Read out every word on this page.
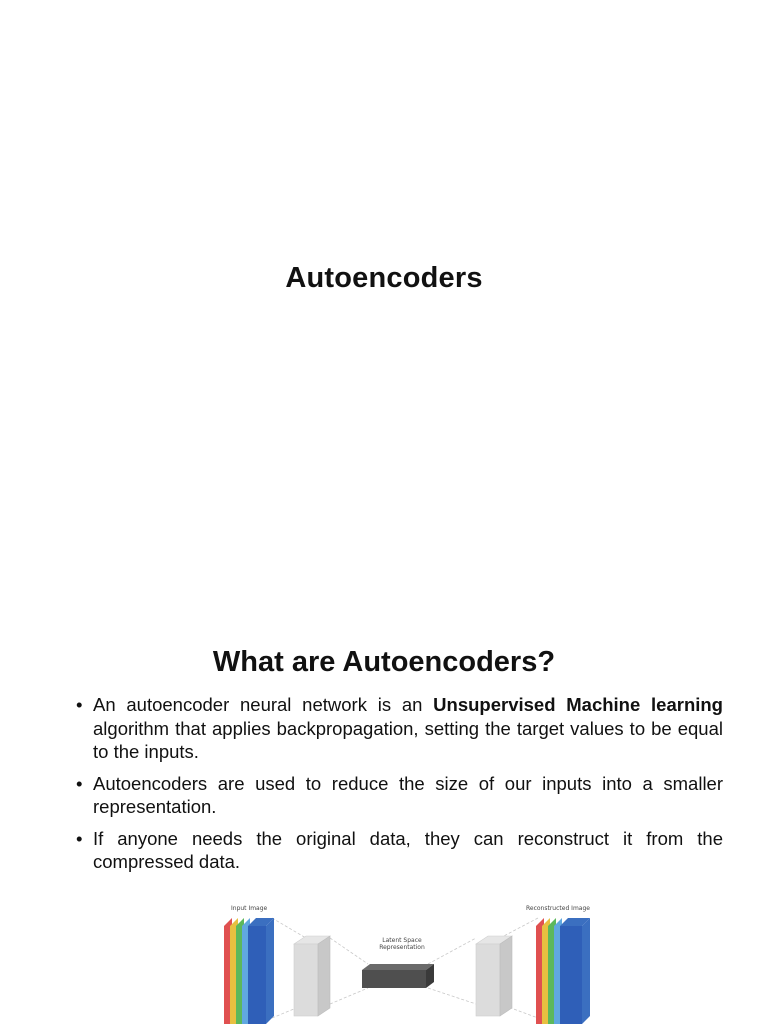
Autoencoders
What are Autoencoders?
• An autoencoder neural network is an Unsupervised Machine learning algorithm that applies backpropagation, setting the target values to be equal to the inputs.
• Autoencoders are used to reduce the size of our inputs into a smaller representation.
• If anyone needs the original data, they can reconstruct it from the compressed data.
Input Image	Reconstructed Image
Latent Space
Representation
